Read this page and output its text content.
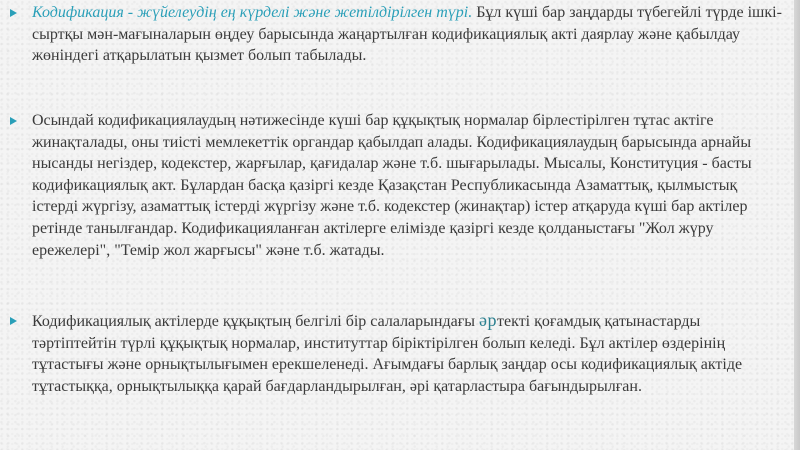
Кодификация - жүйелеудің ең күрделі және жетілдірілген түрі. Бұл күші бар заңдарды түбегейлі түрде ішкі-сыртқы мән-мағыналарын өңдеу барысында жаңартылған кодификациялық акті даярлау және қабылдау жөніндегі атқарылатын қызмет болып табылады.

Осындай кодификациялаудың нәтижесінде күші бар құқықтық нормалар бірлестірілген тұтас актіге жинақталады, оны тиісті мемлекеттік органдар қабылдап алады. Кодификациялаудың барысында арнайы нысанды негіздер, кодекстер, жарғылар, қағидалар және т.б. шығарылады. Мысалы, Конституция - басты кодификациялық акт. Бұлардан басқа қазіргі кезде Қазақстан Республикасында Азаматтық, қылмыстық істерді жүргізу, азаматтық істерді жүргізу және т.б. кодекстер (жинақтар) істер атқаруда күші бар актілер ретінде танылғандар. Кодификацияланған актілерге елімізде қазіргі кезде қолданыстағы "Жол жүру ережелері", "Темір жол жарғысы" және т.б. жатады.

Кодификациялық актілерде құқықтың белгілі бір салаларындағы әртекті қоғамдық қатынастарды тәртіптейтін түрлі құқықтық нормалар, институттар біріктірілген болып келеді. Бұл актілер өздерінің тұтастығы және орнықтылығымен ерекшеленеді. Ағымдағы барлық заңдар осы кодификациялық актіде тұтастыққа, орнықтылыққа қарай бағдарландырылған, әрі қатарластыра бағындырылған.
